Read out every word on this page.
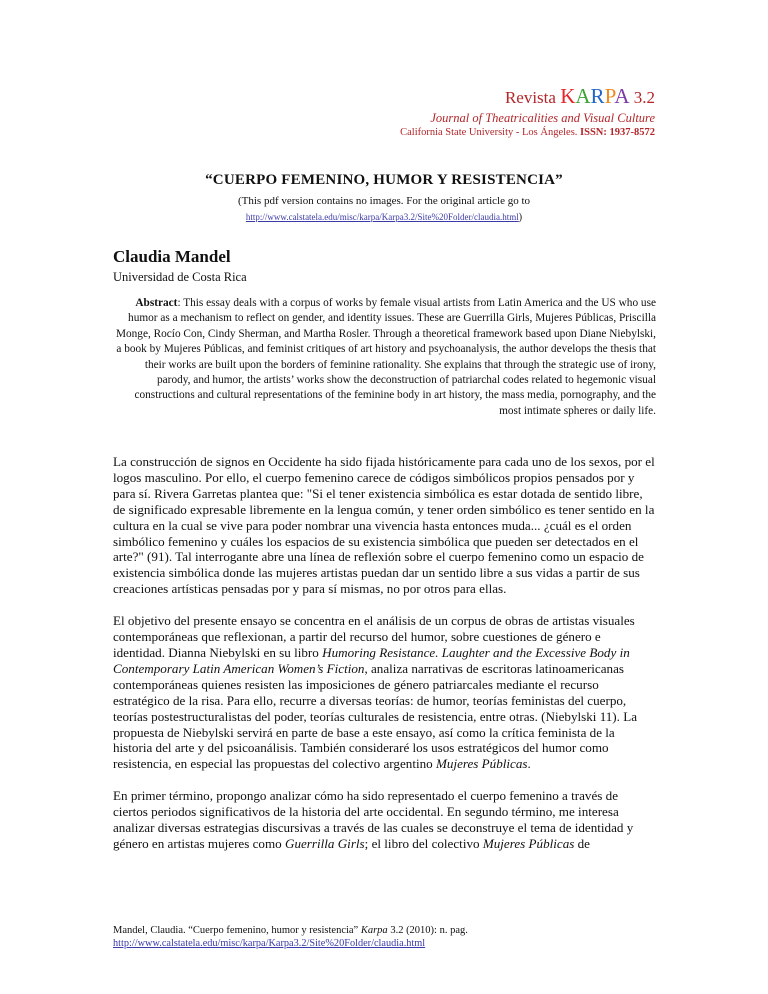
Revista KARPA 3.2
Journal of Theatricalities and Visual Culture
California State University - Los Ángeles. ISSN: 1937-8572
“CUERPO FEMENINO, HUMOR Y RESISTENCIA”
(This pdf version contains no images. For the original article go to
http://www.calstatela.edu/misc/karpa/Karpa3.2/Site%20Folder/claudia.html)
Claudia Mandel
Universidad de Costa Rica
Abstract: This essay deals with a corpus of works by female visual artists from Latin America and the US who use humor as a mechanism to reflect on gender, and identity issues. These are Guerrilla Girls, Mujeres Públicas, Priscilla Monge, Rocío Con, Cindy Sherman, and Martha Rosler. Through a theoretical framework based upon Diane Niebylski, a book by Mujeres Públicas, and feminist critiques of art history and psychoanalysis, the author develops the thesis that their works are built upon the borders of feminine rationality. She explains that through the strategic use of irony, parody, and humor, the artists’ works show the deconstruction of patriarchal codes related to hegemonic visual constructions and cultural representations of the feminine body in art history, the mass media, pornography, and the most intimate spheres or daily life.

La construcción de signos en Occidente ha sido fijada históricamente para cada uno de los sexos, por el logos masculino. Por ello, el cuerpo femenino carece de códigos simbólicos propios pensados por y para sí. Rivera Garretas plantea que: "Si el tener existencia simbólica es estar dotada de sentido libre, de significado expresable libremente en la lengua común, y tener orden simbólico es tener sentido en la cultura en la cual se vive para poder nombrar una vivencia hasta entonces muda... ¿cuál es el orden simbólico femenino y cuáles los espacios de su existencia simbólica que pueden ser detectados en el arte?" (91). Tal interrogante abre una línea de reflexión sobre el cuerpo femenino como un espacio de existencia simbólica donde las mujeres artistas puedan dar un sentido libre a sus vidas a partir de sus creaciones artísticas pensadas por y para sí mismas, no por otros para ellas.

El objetivo del presente ensayo se concentra en el análisis de un corpus de obras de artistas visuales contemporáneas que reflexionan, a partir del recurso del humor, sobre cuestiones de género e identidad. Dianna Niebylski en su libro Humoring Resistance. Laughter and the Excessive Body in Contemporary Latin American Women’s Fiction, analiza narrativas de escritoras latinoamericanas contemporáneas quienes resisten las imposiciones de género patriarcales mediante el recurso estratégico de la risa. Para ello, recurre a diversas teorías: de humor, teorías feministas del cuerpo, teorías postestructuralistas del poder, teorías culturales de resistencia, entre otras. (Niebylski 11). La propuesta de Niebylski servirá en parte de base a este ensayo, así como la crítica feminista de la historia del arte y del psicoanálisis. También consideraré los usos estratégicos del humor como resistencia, en especial las propuestas del colectivo argentino Mujeres Públicas.

En primer término, propongo analizar cómo ha sido representado el cuerpo femenino a través de ciertos periodos significativos de la historia del arte occidental. En segundo término, me interesa analizar diversas estrategias discursivas a través de las cuales se deconstruye el tema de identidad y género en artistas mujeres como Guerrilla Girls; el libro del colectivo Mujeres Públicas de

Mandel, Claudia. “Cuerpo femenino, humor y resistencia” Karpa 3.2 (2010): n. pag.
http://www.calstatela.edu/misc/karpa/Karpa3.2/Site%20Folder/claudia.html
